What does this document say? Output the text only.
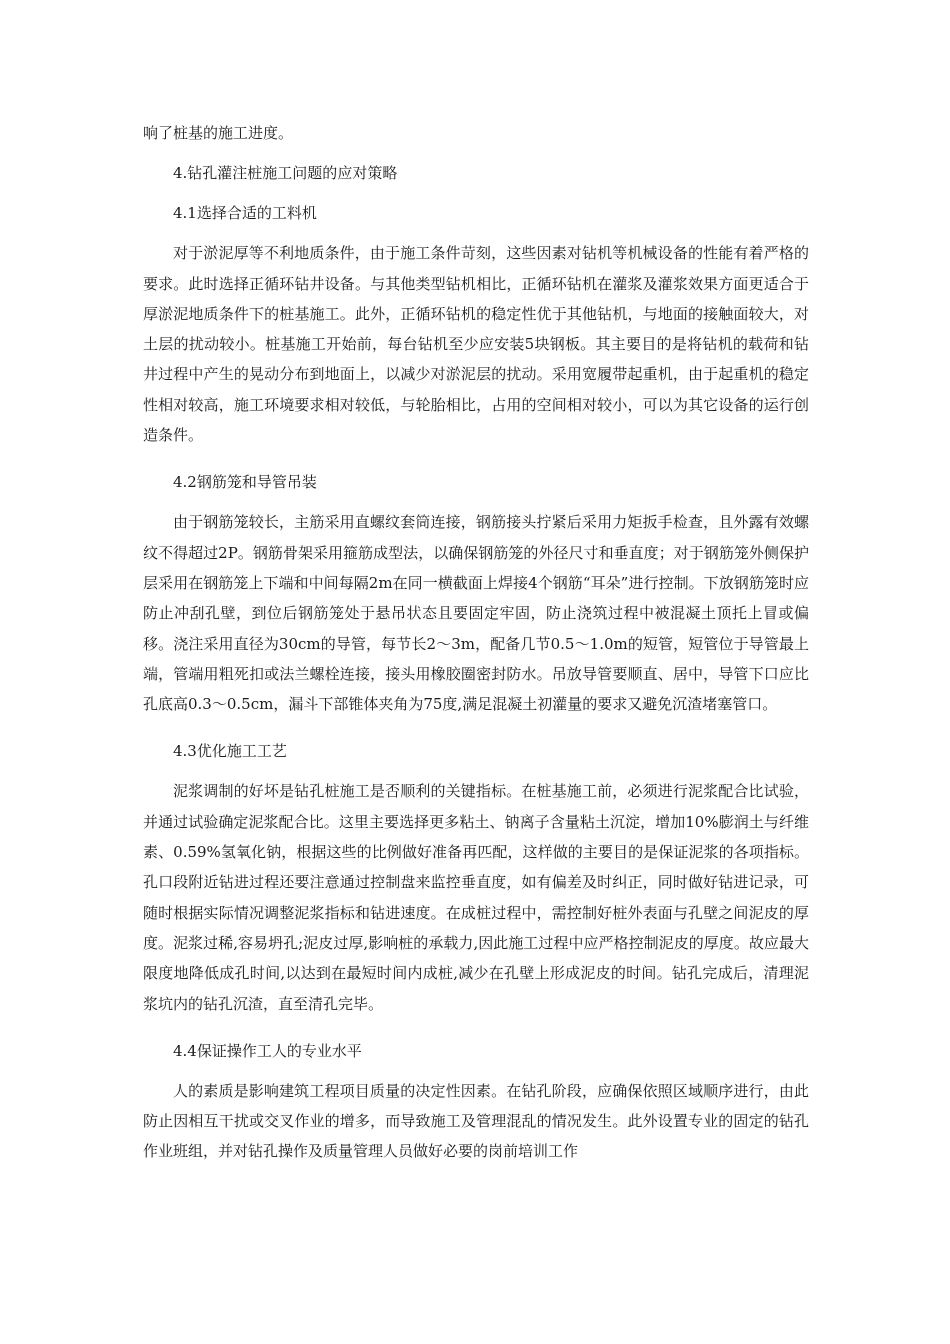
响了桩基的施工进度。

4.钻孔灌注桩施工问题的应对策略

4.1选择合适的工料机

对于淤泥厚等不利地质条件，由于施工条件苛刻，这些因素对钻机等机械设备的性能有着严格的要求。此时选择正循环钻井设备。与其他类型钻机相比，正循环钻机在灌浆及灌浆效果方面更适合于厚淤泥地质条件下的桩基施工。此外，正循环钻机的稳定性优于其他钻机，与地面的接触面较大，对土层的扰动较小。桩基施工开始前，每台钻机至少应安装5块钢板。其主要目的是将钻机的载荷和钻井过程中产生的晃动分布到地面上，以减少对淤泥层的扰动。采用宽履带起重机，由于起重机的稳定性相对较高，施工环境要求相对较低，与轮胎相比，占用的空间相对较小，可以为其它设备的运行创造条件。

4.2钢筋笼和导管吊装

由于钢筋笼较长，主筋采用直螺纹套筒连接，钢筋接头拧紧后采用力矩扳手检查，且外露有效螺纹不得超过2P。钢筋骨架采用箍筋成型法，以确保钢筋笼的外径尺寸和垂直度；对于钢筋笼外侧保护层采用在钢筋笼上下端和中间每隔2m在同一横截面上焊接4个钢筋“耳朵”进行控制。下放钢筋笼时应防止冲刮孔壁，到位后钢筋笼处于悬吊状态且要固定牢固，防止浇筑过程中被混凝土顶托上冒或偏移。浇注采用直径为30cm的导管，每节长2～3m，配备几节0.5～1.0m的短管，短管位于导管最上端，管端用粗死扣或法兰螺栓连接，接头用橡胶圈密封防水。吊放导管要顺直、居中，导管下口应比孔底高0.3～0.5cm，漏斗下部锥体夹角为75度,满足混凝土初灌量的要求又避免沉渣堵塞管口。

4.3优化施工工艺

泥浆调制的好坏是钻孔桩施工是否顺利的关键指标。在桩基施工前，必须进行泥浆配合比试验，并通过试验确定泥浆配合比。这里主要选择更多粘土、钠离子含量粘土沉淀，增加10%膨润土与纤维素、0.59%氢氧化钠，根据这些的比例做好准备再匹配，这样做的主要目的是保证泥浆的各项指标。孔口段附近钻进过程还要注意通过控制盘来监控垂直度，如有偏差及时纠正，同时做好钻进记录，可随时根据实际情况调整泥浆指标和钻进速度。在成桩过程中，需控制好桩外表面与孔壁之间泥皮的厚度。泥浆过稀,容易坍孔;泥皮过厚,影响桩的承载力,因此施工过程中应严格控制泥皮的厚度。故应最大限度地降低成孔时间,以达到在最短时间内成桩,减少在孔壁上形成泥皮的时间。钻孔完成后，清理泥浆坑内的钻孔沉渣，直至清孔完毕。

4.4保证操作工人的专业水平

人的素质是影响建筑工程项目质量的决定性因素。在钻孔阶段，应确保依照区域顺序进行，由此防止因相互干扰或交叉作业的增多，而导致施工及管理混乱的情况发生。此外设置专业的固定的钻孔作业班组，并对钻孔操作及质量管理人员做好必要的岗前培训工作
